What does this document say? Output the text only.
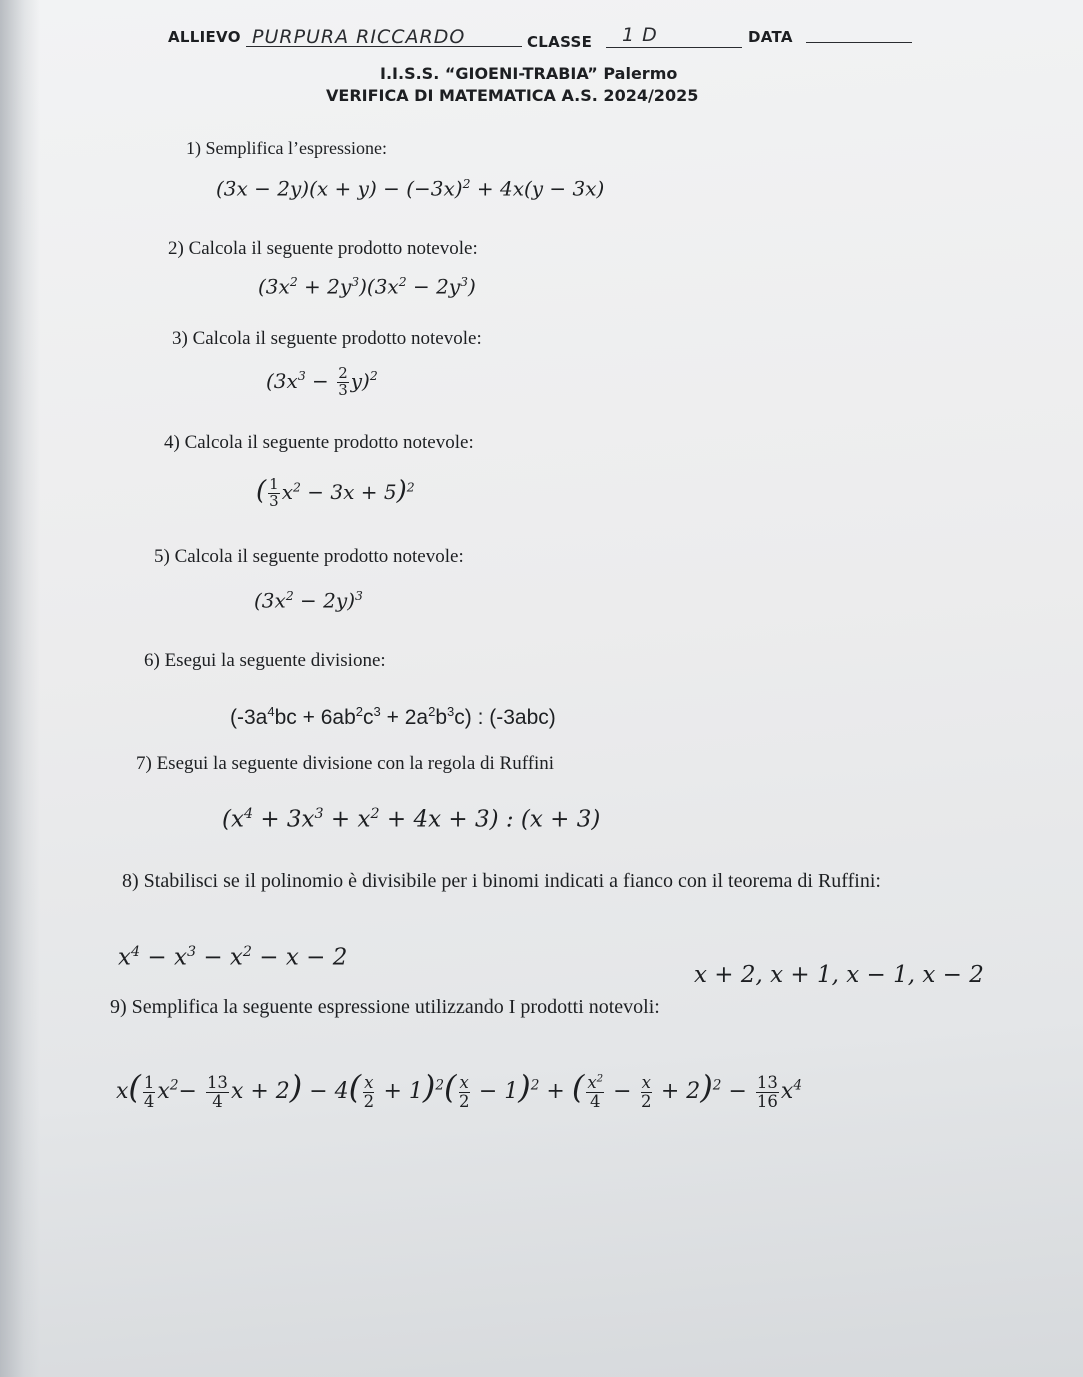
ALLIEVO PURPURA RICCARDO	CLASSE 1 D	DATA
I.I.S.S. “GIOENI-TRABIA” Palermo
VERIFICA DI MATEMATICA A.S. 2024/2025
1) Semplifica l’espressione:
$(3x - 2y)(x + y) - (-3x)^2 + 4x(y - 3x)$
2) Calcola il seguente prodotto notevole:
$(3x^2 + 2y^3)(3x^2 - 2y^3)$
3) Calcola il seguente prodotto notevole:
$(3x^3 - \frac{2}{3} y)^2$
4) Calcola il seguente prodotto notevole:
( $\frac{1}{3} x^2 - 3x + 5)^2$
5) Calcola il seguente prodotto notevole:
$(3x^2 - 2y)^3$
6) Esegui la seguente divisione:
$(-3a^4bc + 6ab^2c^3 + 2a^2b^3c)$ : (-3abc)
7) Esegui la seguente divisione con la regola di Ruffini
$(x^4 + 3x^3 + x^2 + 4x + 3)$ : (x + 3)
8) Stabilisci se il polinomio è divisibile per i binomi indicati a fianco con il teorema di Ruffini:
$x^4 - x^3 - x^2 - x - 2$
x + 2, x + 1, x − 1, x − 2
9) Semplifica la seguente espressione utilizzando I prodotti notevoli:
$x( \frac{1}{4} x^2- \frac{13}{4}$ $x + 2) - 4( \frac{x}{2} + 1)^2( \frac{x}{2} - 1)^2$ + ( $\frac{x^2}{4} - \frac{x}{2} + 2)^2 - \frac{13}{16} x^4$
